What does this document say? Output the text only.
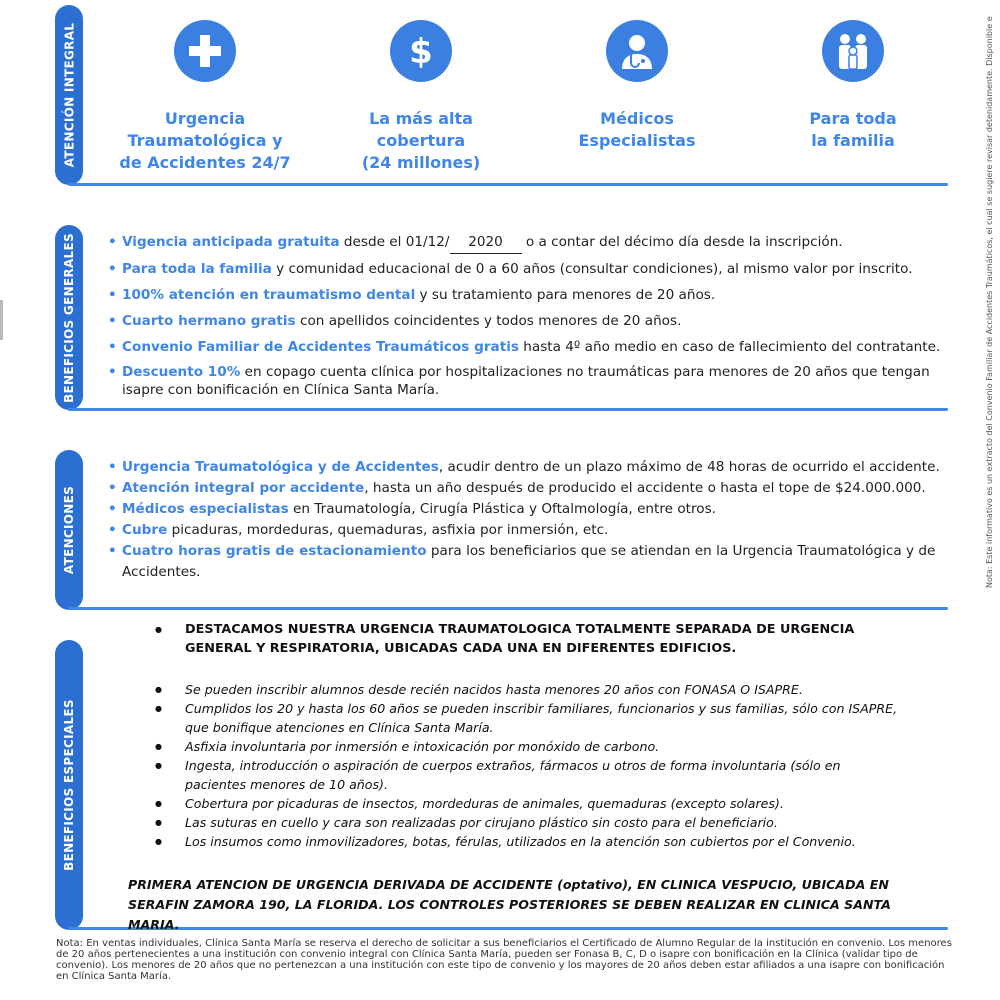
ATENCIÓN INTEGRAL
BENEFICIOS GENERALES
ATENCIONES
BENEFICIOS ESPECIALES
Urgencia
Traumatológica y
de Accidentes 24/7
$
La más alta
cobertura
(24 millones)
Médicos
Especialistas
Para toda
la familia
• Vigencia anticipada gratuita desde el 01/12/ 2020 o a contar del décimo día desde la inscripción.
• Para toda la familia y comunidad educacional de 0 a 60 años (consultar condiciones), al mismo valor por inscrito.
• 100% atención en traumatismo dental y su tratamiento para menores de 20 años.
• Cuarto hermano gratis con apellidos coincidentes y todos menores de 20 años.
• Convenio Familiar de Accidentes Traumáticos gratis hasta 4º año medio en caso de fallecimiento del contratante.
• Descuento 10% en copago cuenta clínica por hospitalizaciones no traumáticas para menores de 20 años que tengan isapre con bonificación en Clínica Santa María.
• Urgencia Traumatológica y de Accidentes, acudir dentro de un plazo máximo de 48 horas de ocurrido el accidente.
• Atención integral por accidente, hasta un año después de producido el accidente o hasta el tope de $24.000.000.
• Médicos especialistas en Traumatología, Cirugía Plástica y Oftalmología, entre otros.
• Cubre picaduras, mordeduras, quemaduras, asfixia por inmersión, etc.
• Cuatro horas gratis de estacionamiento para los beneficiarios que se atiendan en la Urgencia Traumatológica y de Accidentes.
● DESTACAMOS NUESTRA URGENCIA TRAUMATOLOGICA TOTALMENTE SEPARADA DE URGENCIA GENERAL Y RESPIRATORIA, UBICADAS CADA UNA EN DIFERENTES EDIFICIOS.
● Se pueden inscribir alumnos desde recién nacidos hasta menores 20 años con FONASA O ISAPRE.
● Cumplidos los 20 y hasta los 60 años se pueden inscribir familiares, funcionarios y sus familias, sólo con ISAPRE, que bonifique atenciones en Clínica Santa María.
● Asfixia involuntaria por inmersión e intoxicación por monóxido de carbono.
● Ingesta, introducción o aspiración de cuerpos extraños, fármacos u otros de forma involuntaria (sólo en pacientes menores de 10 años).
● Cobertura por picaduras de insectos, mordeduras de animales, quemaduras (excepto solares).
● Las suturas en cuello y cara son realizadas por cirujano plástico sin costo para el beneficiario.
● Los insumos como inmovilizadores, botas, férulas, utilizados en la atención son cubiertos por el Convenio.
PRIMERA ATENCION DE URGENCIA DERIVADA DE ACCIDENTE (optativo), EN CLINICA VESPUCIO, UBICADA EN SERAFIN ZAMORA 190, LA FLORIDA. LOS CONTROLES POSTERIORES SE DEBEN REALIZAR EN CLINICA SANTA MARIA.
Nota: En ventas individuales, Clínica Santa María se reserva el derecho de solicitar a sus beneficiarios el Certificado de Alumno Regular de la institución en convenio. Los menores de 20 años pertenecientes a una institución con convenio integral con Clínica Santa María, pueden ser Fonasa B, C, D o isapre con bonificación en la Clínica (validar tipo de convenio). Los menores de 20 años que no pertenezcan a una institución con este tipo de convenio y los mayores de 20 años deben estar afiliados a una isapre con bonificación en Clínica Santa María.
Nota: Este informativo es un extracto del Convenio Familiar de Accidentes Traumáticos, el cual se sugiere revisar detenidamente. Disponible e
